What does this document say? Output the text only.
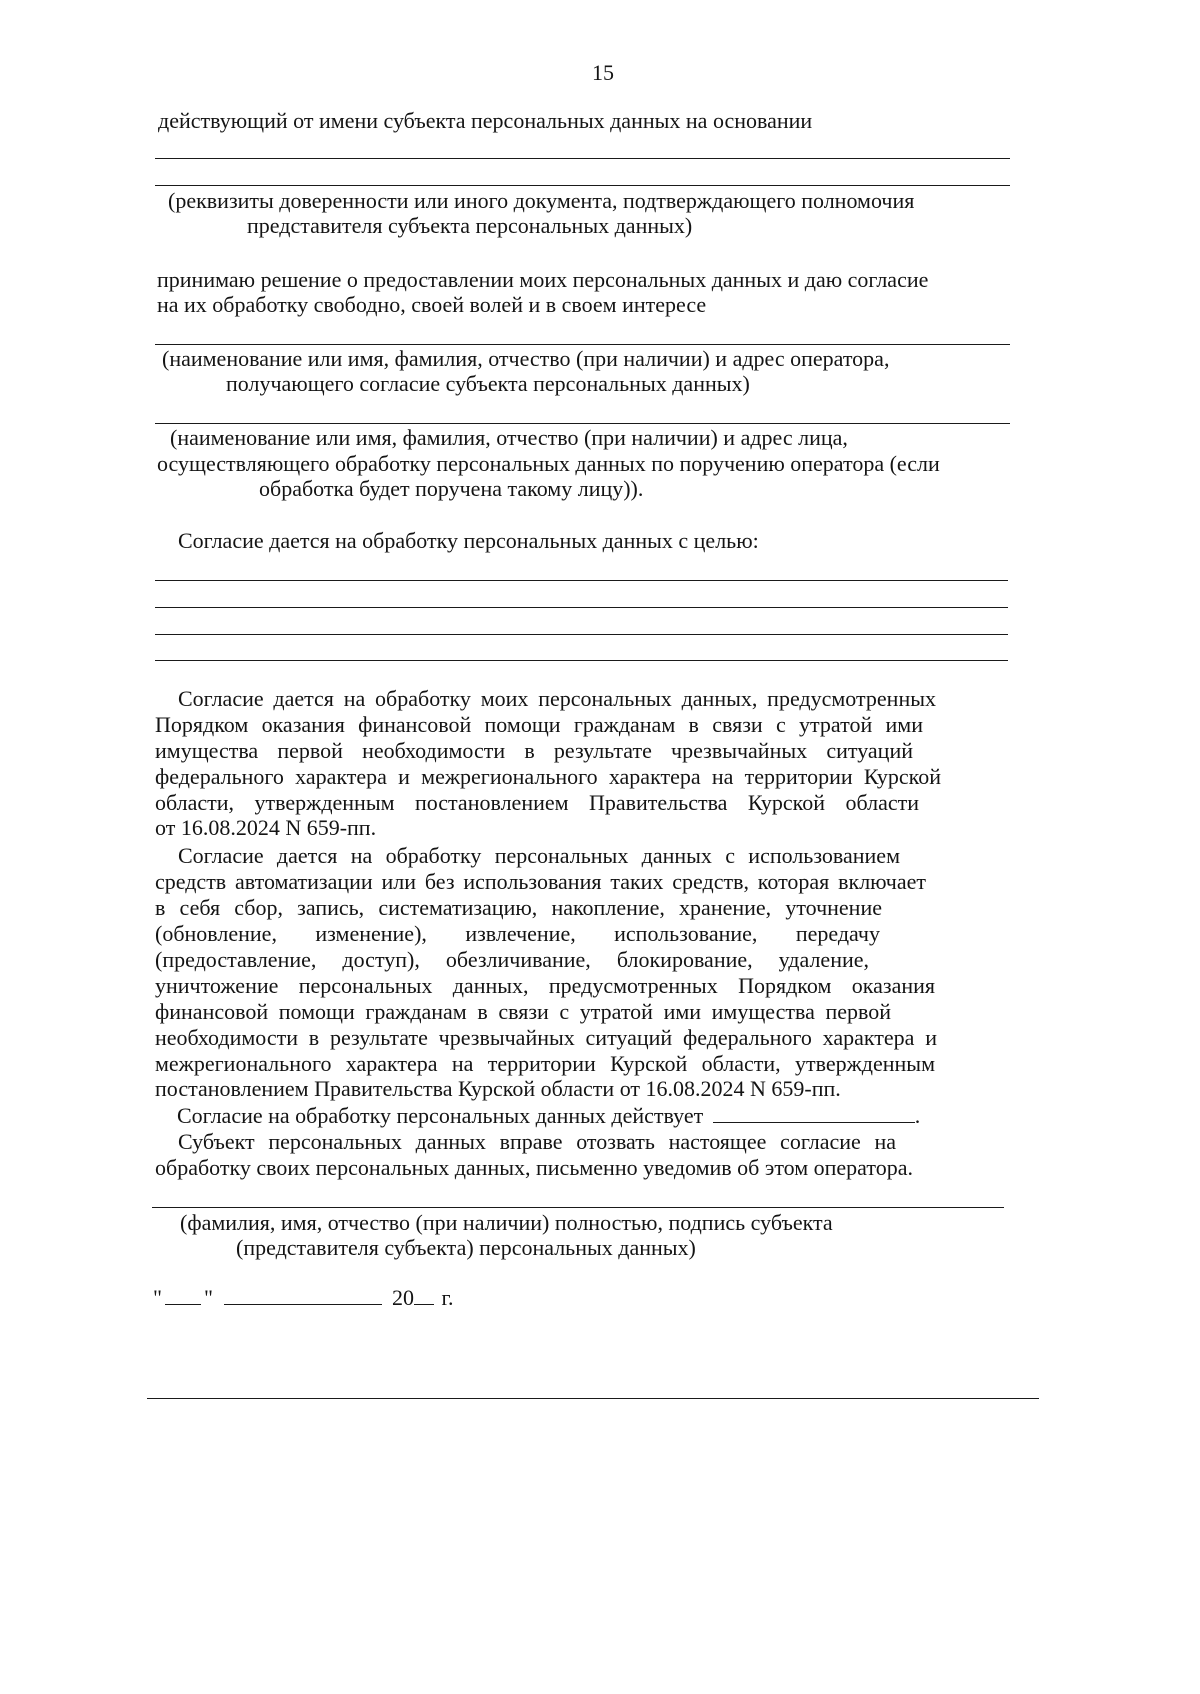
15
действующий от имени субъекта персональных данных на основании
(реквизиты доверенности или иного документа, подтверждающего полномочия
представителя субъекта персональных данных)
принимаю решение о предоставлении моих персональных данных и даю согласие
на их обработку свободно, своей волей и в своем интересе
(наименование или имя, фамилия, отчество (при наличии) и адрес оператора,
получающего согласие субъекта персональных данных)
(наименование или имя, фамилия, отчество (при наличии) и адрес лица,
осуществляющего обработку персональных данных по поручению оператора (если
обработка будет поручена такому лицу)).
Согласие дается на обработку персональных данных с целью:
Согласие дается на обработку моих персональных данных, предусмотренных
Порядком оказания финансовой помощи гражданам в связи с утратой ими
имущества первой необходимости в результате чрезвычайных ситуаций
федерального характера и межрегионального характера на территории Курской
области, утвержденным постановлением Правительства Курской области
от 16.08.2024 N 659-пп.
Согласие дается на обработку персональных данных с использованием
средств автоматизации или без использования таких средств, которая включает
в себя сбор, запись, систематизацию, накопление, хранение, уточнение
(обновление, изменение), извлечение, использование, передачу
(предоставление, доступ), обезличивание, блокирование, удаление,
уничтожение персональных данных, предусмотренных Порядком оказания
финансовой помощи гражданам в связи с утратой ими имущества первой
необходимости в результате чрезвычайных ситуаций федерального характера и
межрегионального характера на территории Курской области, утвержденным
постановлением Правительства Курской области от 16.08.2024 N 659-пп.
Согласие на обработку персональных данных действует	.
Субъект персональных данных вправе отозвать настоящее согласие на
обработку своих персональных данных, письменно уведомив об этом оператора.
(фамилия, имя, отчество (при наличии) полностью, подпись субъекта
(представителя субъекта) персональных данных)
" "	20 г.
